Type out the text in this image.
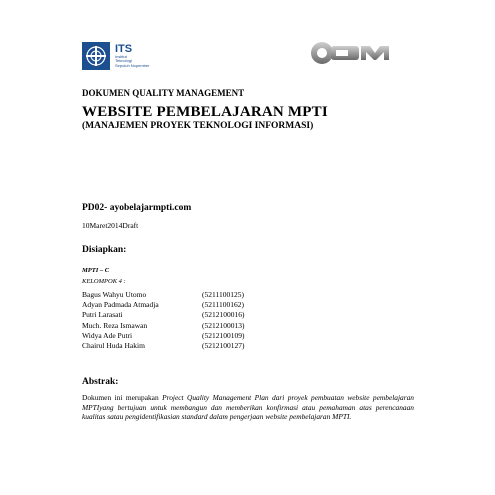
ITS
Institut
Teknologi
Sepuluh Nopember
DOKUMEN QUALITY MANAGEMENT
WEBSITE PEMBELAJARAN MPTI
(MANAJEMEN PROYEK TEKNOLOGI INFORMASI)
PD02- ayobelajarmpti.com
10Maret2014Draft
Disiapkan:
MPTI – C
KELOMPOK 4 :
Bagus Wahyu Utomo	(5211100125)
Adyan Padmada Atmadja	(5211100162)
Putri Larasati	(5212100016)
Much. Reza Ismawan	(5212100013)
Widya Ade Putri	(5212100109)
Chairul Huda Hakim	(5212100127)
Abstrak:
Dokumen ini merupakan Project Quality Management Plan dari proyek pembuatan website pembelajaran MPTIyang bertujuan untuk membangun dan memberikan konfirmasi atau pemahaman atas perencanaan kualitas satau pengidentifikasian standard dalam pengerjaan website pembelajaran MPTI.
